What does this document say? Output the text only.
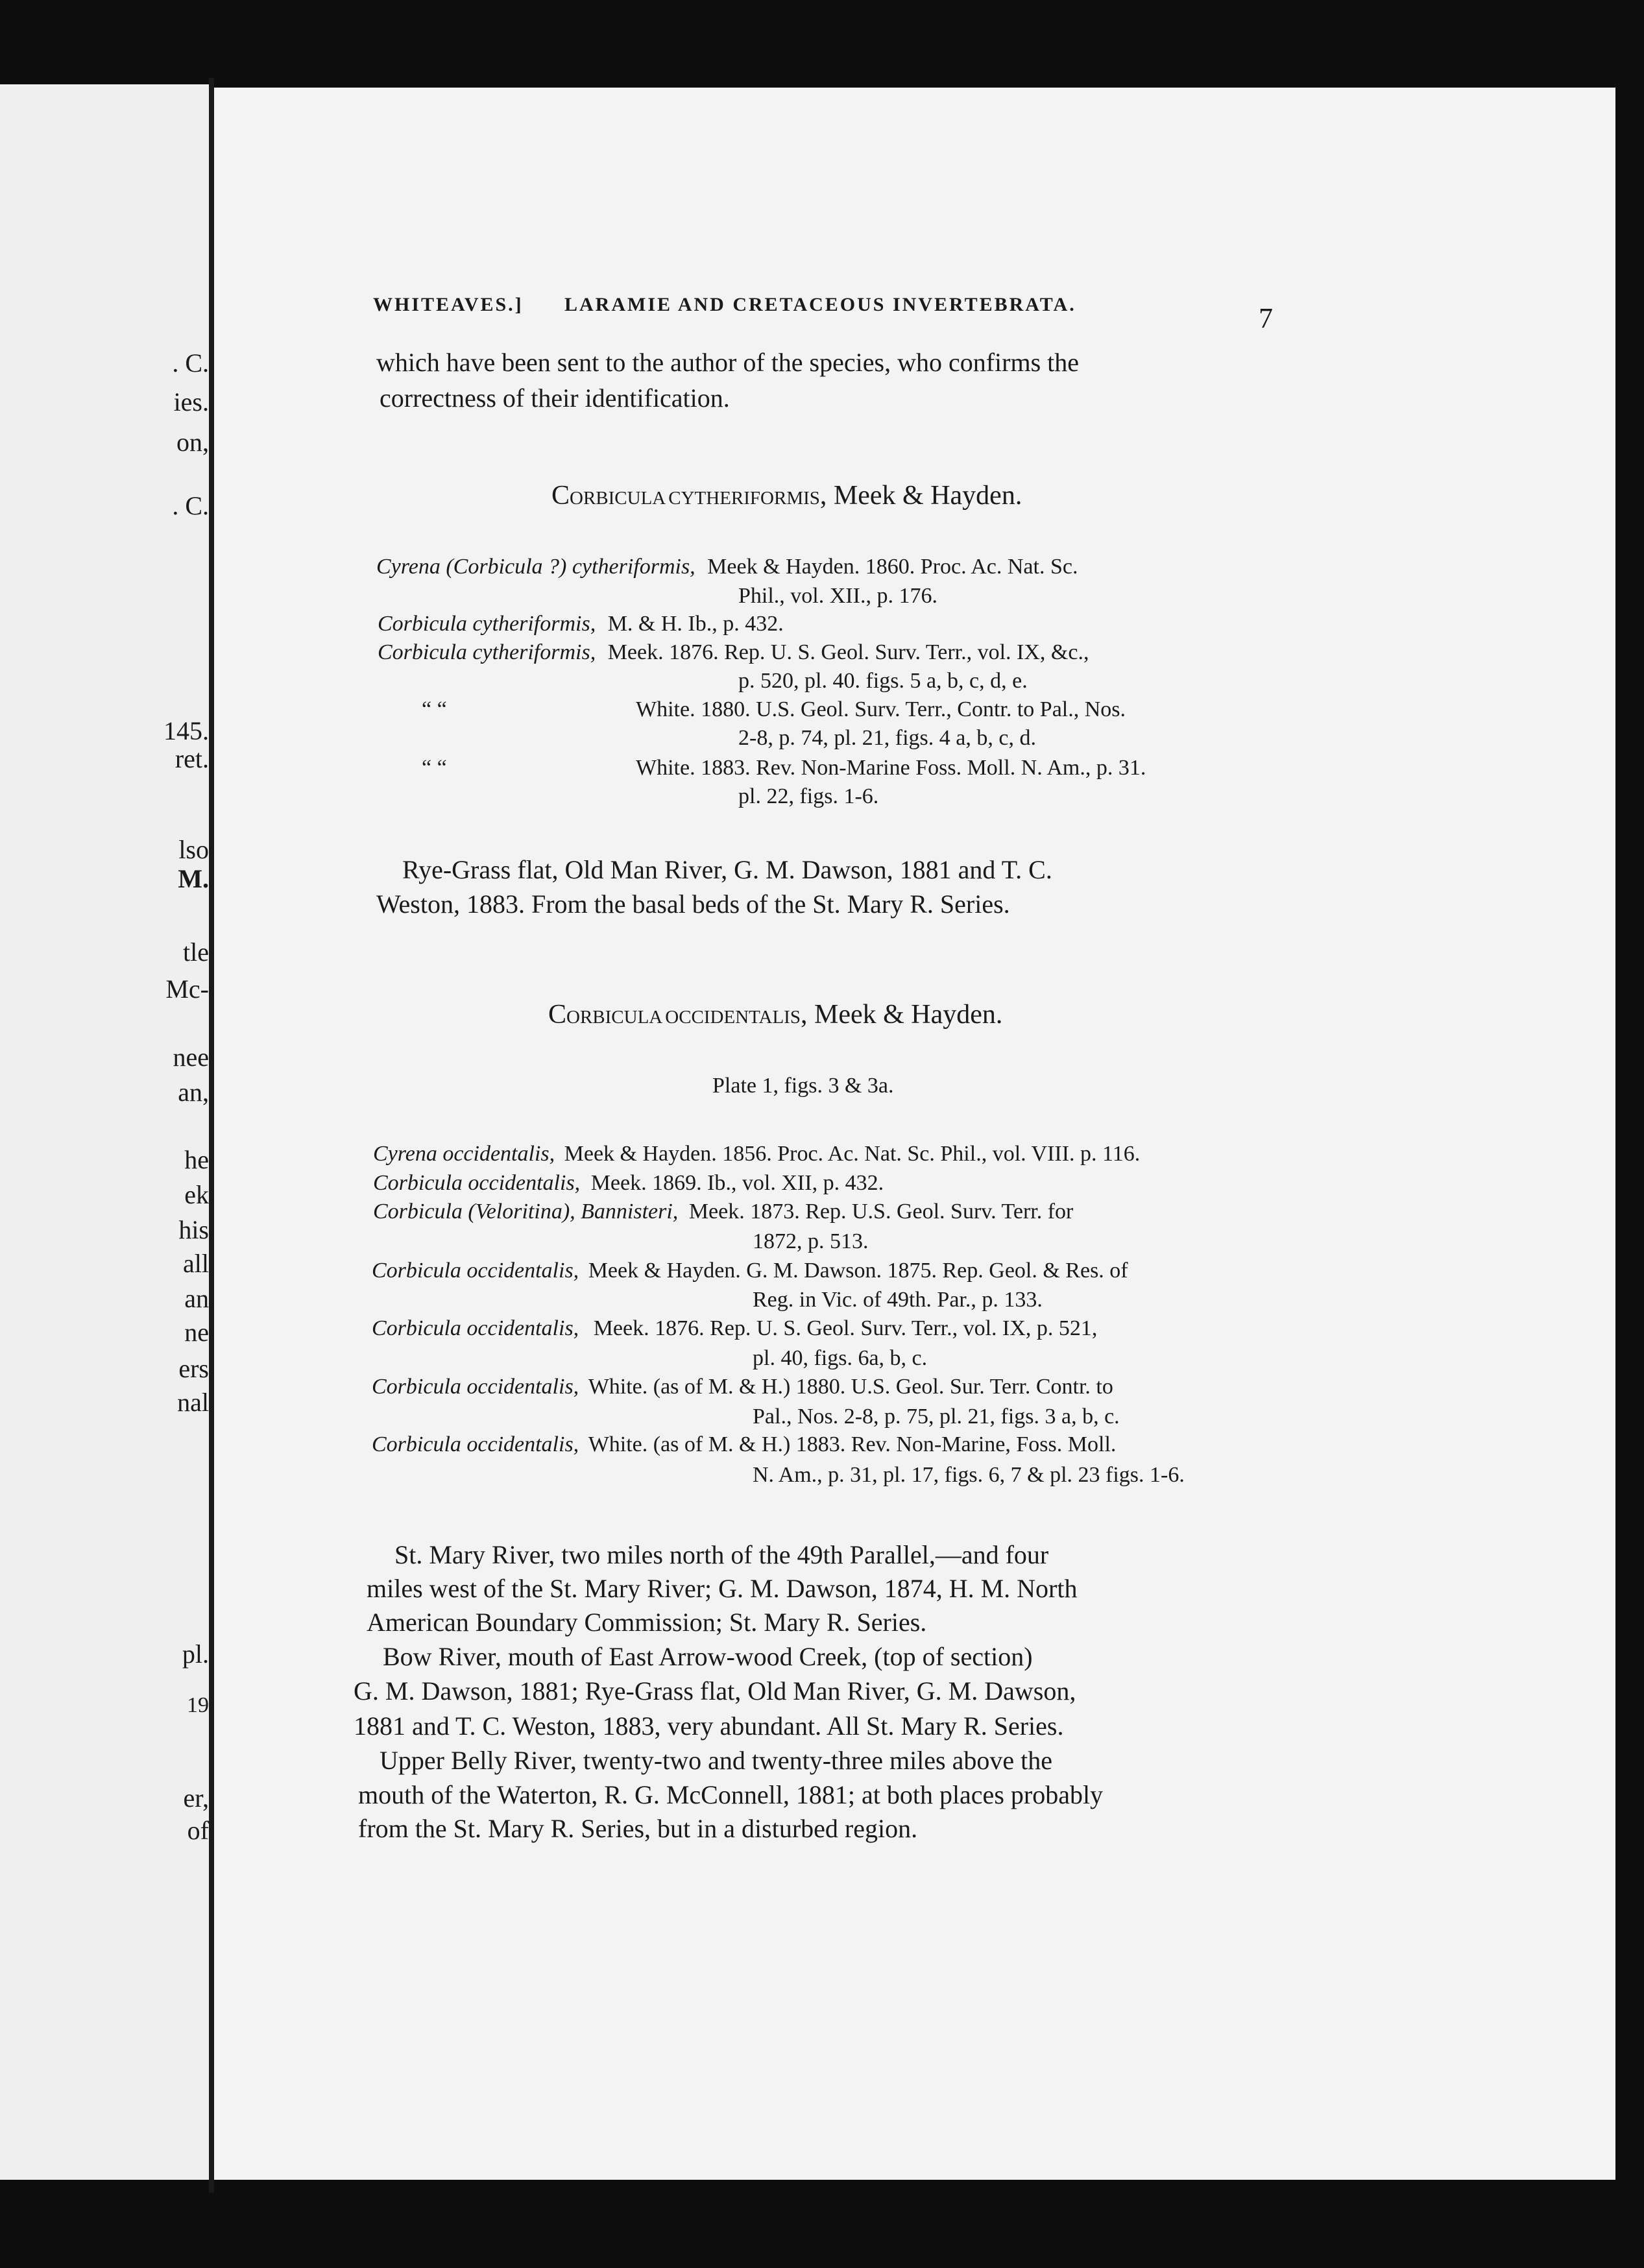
. C.
ies.
on,
. C.
145.
ret.
lso
M.
tle
Mc-
nee
an,
he
ek
his
all
an
ne
ers
nal
pl.
19
er,
of
WHITEAVES.] LARAMIE AND CRETACEOUS INVERTEBRATA.	7
which have been sent to the author of the species, who confirms the
correctness of their identification.
Corbicula cytheriformis, Meek & Hayden.
Cyrena (Corbicula ?) cytheriformis, Meek & Hayden. 1860. Proc. Ac. Nat. Sc.
Phil., vol. XII., p. 176.
Corbicula cytheriformis, M. & H. Ib., p. 432.
Corbicula cytheriformis, Meek. 1876. Rep. U. S. Geol. Surv. Terr., vol. IX, &c.,
p. 520, pl. 40. figs. 5 a, b, c, d, e.
“ “	White. 1880. U.S. Geol. Surv. Terr., Contr. to Pal., Nos.
2-8, p. 74, pl. 21, figs. 4 a, b, c, d.
“ “	White. 1883. Rev. Non-Marine Foss. Moll. N. Am., p. 31.
pl. 22, figs. 1-6.
Rye-Grass flat, Old Man River, G. M. Dawson, 1881 and T. C.
Weston, 1883. From the basal beds of the St. Mary R. Series.
Corbicula occidentalis, Meek & Hayden.
Plate 1, figs. 3 & 3a.
Cyrena occidentalis, Meek & Hayden. 1856. Proc. Ac. Nat. Sc. Phil., vol. VIII. p. 116.
Corbicula occidentalis, Meek. 1869. Ib., vol. XII, p. 432.
Corbicula (Veloritina), Bannisteri, Meek. 1873. Rep. U.S. Geol. Surv. Terr. for
1872, p. 513.
Corbicula occidentalis, Meek & Hayden. G. M. Dawson. 1875. Rep. Geol. & Res. of
Reg. in Vic. of 49th. Par., p. 133.
Corbicula occidentalis, Meek. 1876. Rep. U. S. Geol. Surv. Terr., vol. IX, p. 521,
pl. 40, figs. 6a, b, c.
Corbicula occidentalis, White. (as of M. & H.) 1880. U.S. Geol. Sur. Terr. Contr. to
Pal., Nos. 2-8, p. 75, pl. 21, figs. 3 a, b, c.
Corbicula occidentalis, White. (as of M. & H.) 1883. Rev. Non-Marine, Foss. Moll.
N. Am., p. 31, pl. 17, figs. 6, 7 & pl. 23 figs. 1-6.
St. Mary River, two miles north of the 49th Parallel,—and four
miles west of the St. Mary River; G. M. Dawson, 1874, H. M. North
American Boundary Commission; St. Mary R. Series.
Bow River, mouth of East Arrow-wood Creek, (top of section)
G. M. Dawson, 1881; Rye-Grass flat, Old Man River, G. M. Dawson,
1881 and T. C. Weston, 1883, very abundant. All St. Mary R. Series.
Upper Belly River, twenty-two and twenty-three miles above the
mouth of the Waterton, R. G. McConnell, 1881; at both places probably
from the St. Mary R. Series, but in a disturbed region.
